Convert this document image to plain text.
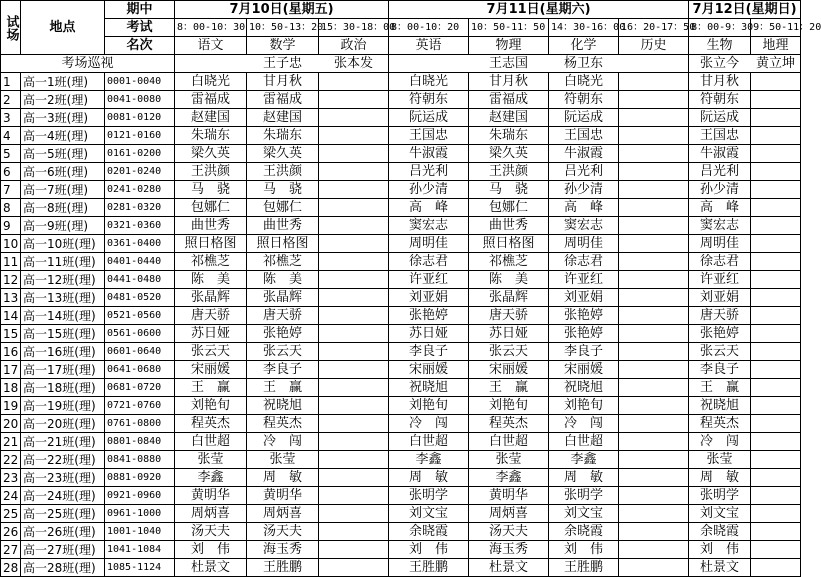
试场	地点	期中	7月10日(星期五)			7月11日(星期六)				7月12日(星期日)	
		考试	8：00-10：30	10：50-13：20	15：30-18：00	8：00-10：20	10：50-11：50	14：30-16：00	16：20-17：50	8：00-9：30	9：50-11：20
		名次	语文	数学	政治	英语	物理	化学	历史	生物	地理
考场巡视				王子忠	张本发		王志国	杨卫东		张立今	黄立坤
1	高一1班(理)	0001-0040	白晓光	甘月秋		白晓光	甘月秋	白晓光		甘月秋	
2	高一2班(理)	0041-0080	雷福成	雷福成		符朝东	雷福成	符朝东		符朝东	
3	高一3班(理)	0081-0120	赵建国	赵建国		阮运成	赵建国	阮运成		阮运成	
4	高一4班(理)	0121-0160	朱瑞东	朱瑞东		王国忠	朱瑞东	王国忠		王国忠	
5	高一5班(理)	0161-0200	梁久英	梁久英		牛淑霞	梁久英	牛淑霞		牛淑霞	
6	高一6班(理)	0201-0240	王洪颜	王洪颜		吕光利	王洪颜	吕光利		吕光利	
7	高一7班(理)	0241-0280	马　骁	马　骁		孙少清	马　骁	孙少清		孙少清	
8	高一8班(理)	0281-0320	包娜仁	包娜仁		高　峰	包娜仁	高　峰		高　峰	
9	高一9班(理)	0321-0360	曲世秀	曲世秀		窦宏志	曲世秀	窦宏志		窦宏志	
10	高一10班(理)	0361-0400	照日格图	照日格图		周明佳	照日格图	周明佳		周明佳	
11	高一11班(理)	0401-0440	祁樵芝	祁樵芝		徐志君	祁樵芝	徐志君		徐志君	
12	高一12班(理)	0441-0480	陈　美	陈　美		许亚红	陈　美	许亚红		许亚红	
13	高一13班(理)	0481-0520	张晶辉	张晶辉		刘亚娟	张晶辉	刘亚娟		刘亚娟	
14	高一14班(理)	0521-0560	唐天骄	唐天骄		张艳婷	唐天骄	张艳婷		唐天骄	
15	高一15班(理)	0561-0600	苏日娅	张艳婷		苏日娅	苏日娅	张艳婷		张艳婷	
16	高一16班(理)	0601-0640	张云天	张云天		李良子	张云天	李良子		张云天	
17	高一17班(理)	0641-0680	宋丽媛	李良子		宋丽媛	宋丽媛	宋丽媛		李良子	
18	高一18班(理)	0681-0720	王　赢	王　赢		祝晓旭	王　赢	祝晓旭		王　赢	
19	高一19班(理)	0721-0760	刘艳旬	祝晓旭		刘艳旬	刘艳旬	刘艳旬		祝晓旭	
20	高一20班(理)	0761-0800	程英杰	程英杰		冷　闯	程英杰	冷　闯		程英杰	
21	高一21班(理)	0801-0840	白世超	冷　闯		白世超	白世超	白世超		冷　闯	
22	高一22班(理)	0841-0880	张莹	张莹		李鑫	张莹	李鑫		张莹	
23	高一23班(理)	0881-0920	李鑫	周　敏		周　敏	李鑫	周　敏		周　敏	
24	高一24班(理)	0921-0960	黄明华	黄明华		张明学	黄明华	张明学		张明学	
25	高一25班(理)	0961-1000	周炳喜	周炳喜		刘文宝	周炳喜	刘文宝		刘文宝	
26	高一26班(理)	1001-1040	汤天夫	汤天夫		余晓霞	汤天夫	余晓霞		余晓霞	
27	高一27班(理)	1041-1084	刘　伟	海玉秀		刘　伟	海玉秀	刘　伟		刘　伟	
28	高一28班(理)	1085-1124	杜景文	王胜鹏		王胜鹏	杜景文	王胜鹏		杜景文	
